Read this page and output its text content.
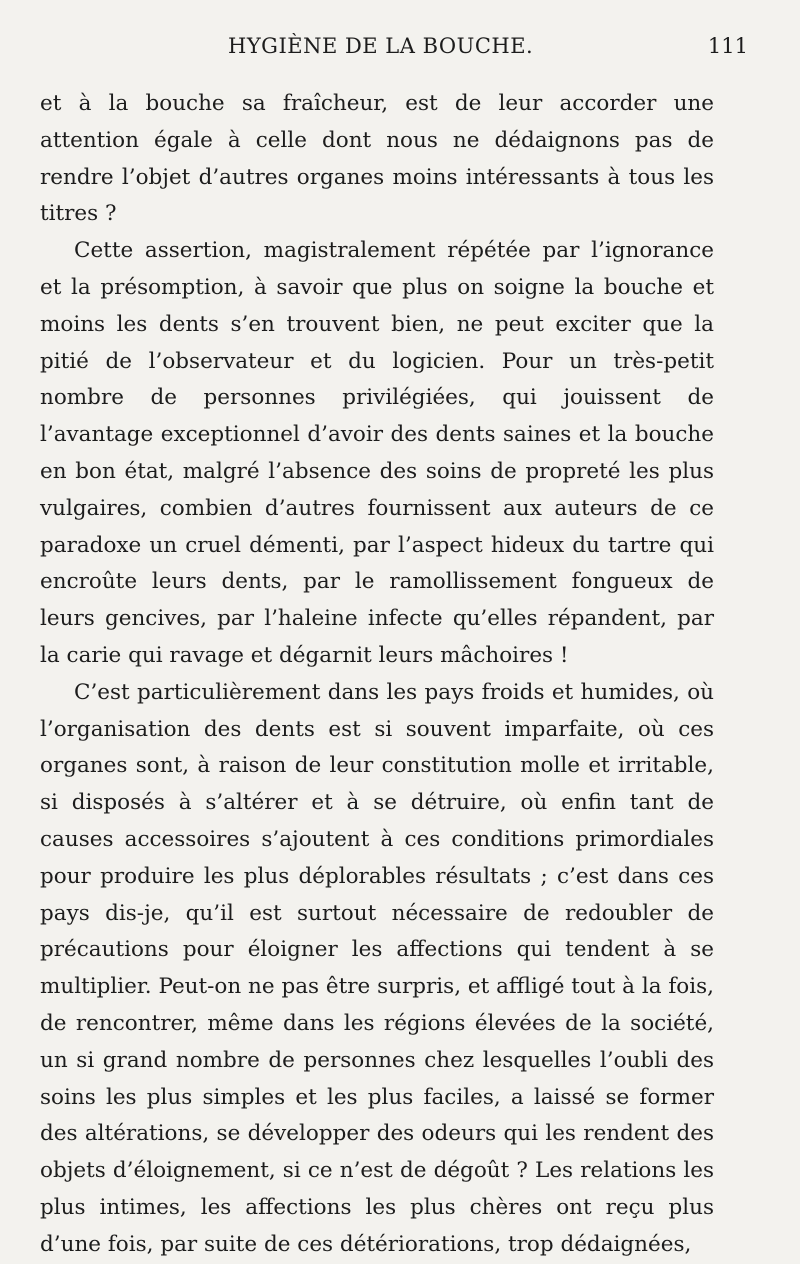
HYGIÈNE DE LA BOUCHE.	111

et à la bouche sa fraîcheur, est de leur accorder une attention égale à celle dont nous ne dédaignons pas de rendre l’objet d’autres organes moins intéressants à tous les titres ?

Cette assertion, magistralement répétée par l’ignorance et la présomption, à savoir que plus on soigne la bouche et moins les dents s’en trouvent bien, ne peut exciter que la pitié de l’observateur et du logicien. Pour un très-petit nombre de personnes privilégiées, qui jouissent de l’avantage exceptionnel d’avoir des dents saines et la bouche en bon état, malgré l’absence des soins de propreté les plus vulgaires, combien d’autres fournissent aux auteurs de ce paradoxe un cruel démenti, par l’aspect hideux du tartre qui encroûte leurs dents, par le ramollissement fongueux de leurs gencives, par l’haleine infecte qu’elles répandent, par la carie qui ravage et dégarnit leurs mâchoires !

C’est particulièrement dans les pays froids et humides, où l’organisation des dents est si souvent imparfaite, où ces organes sont, à raison de leur constitution molle et irritable, si disposés à s’altérer et à se détruire, où enfin tant de causes accessoires s’ajoutent à ces conditions primordiales pour produire les plus déplorables résultats ; c’est dans ces pays dis-je, qu’il est surtout nécessaire de redoubler de précautions pour éloigner les affections qui tendent à se multiplier. Peut-on ne pas être surpris, et affligé tout à la fois, de rencontrer, même dans les régions élevées de la société, un si grand nombre de personnes chez lesquelles l’oubli des soins les plus simples et les plus faciles, a laissé se former des altérations, se développer des odeurs qui les rendent des objets d’éloignement, si ce n’est de dégoût ? Les relations les plus intimes, les affections les plus chères ont reçu plus d’une fois, par suite de ces détériorations, trop dédaignées,
